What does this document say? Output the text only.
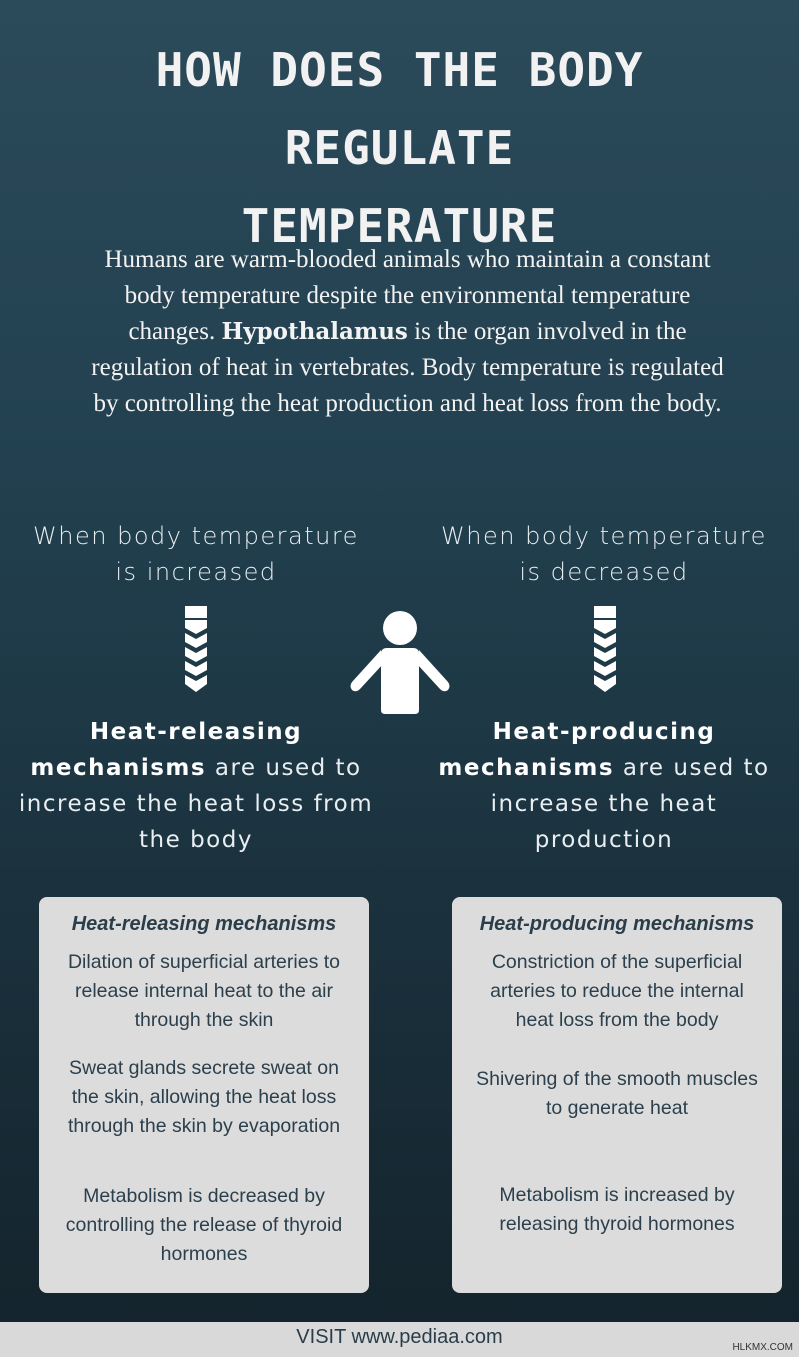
HOW DOES THE BODY
REGULATE
TEMPERATURE

Humans are warm-blooded animals who maintain a constant body temperature despite the environmental temperature changes. Hypothalamus is the organ involved in the regulation of heat in vertebrates. Body temperature is regulated by controlling the heat production and heat loss from the body.

When body temperature
is increased
When body temperature
is decreased
Heat-releasing mechanisms are used to increase the heat loss from the body
Heat-producing mechanisms are used to increase the heat production
Heat-releasing mechanisms
Dilation of superficial arteries to release internal heat to the air through the skin
Sweat glands secrete sweat on the skin, allowing the heat loss through the skin by evaporation
Metabolism is decreased by controlling the release of thyroid hormones
Heat-producing mechanisms
Constriction of the superficial arteries to reduce the internal heat loss from the body
Shivering of the smooth muscles to generate heat
Metabolism is increased by releasing thyroid hormones
VISIT www.pediaa.com	HLKMX.COM
